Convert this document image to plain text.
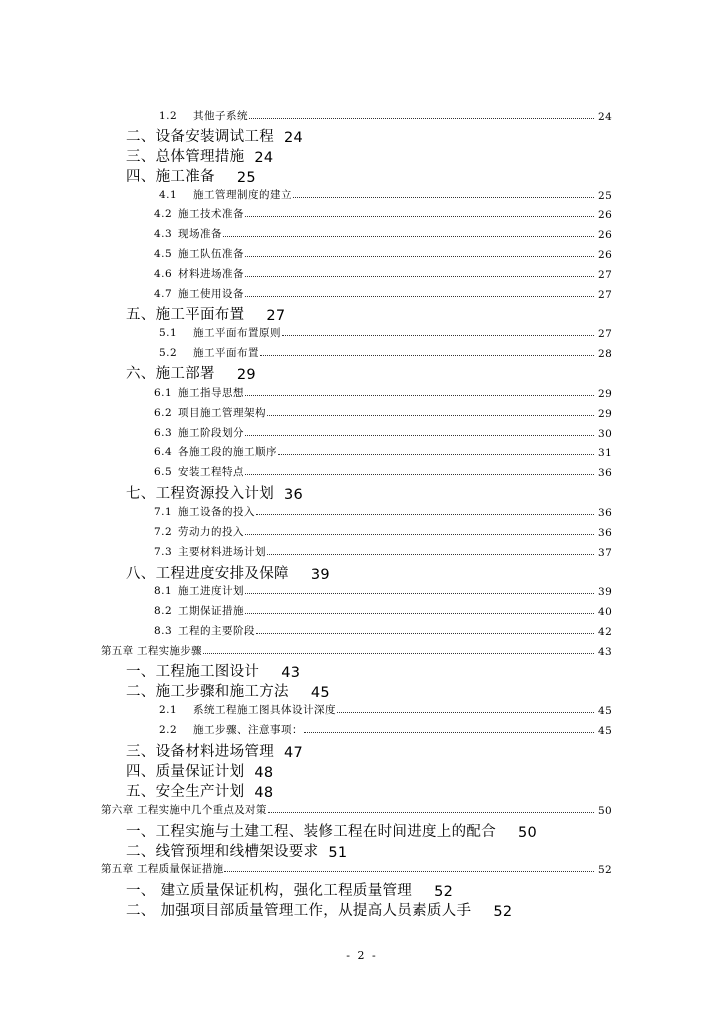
1.2 其他子系统	24
二、设备安装调试工程 24
三、总体管理措施 24
四、施工准备 25
4.1 施工管理制度的建立	25
4.2 施工技术准备	26
4.3 现场准备	26
4.5 施工队伍准备	26
4.6 材料进场准备	27
4.7 施工使用设备	27
五、施工平面布置 27
5.1 施工平面布置原则	27
5.2 施工平面布置	28
六、施工部署 29
6.1 施工指导思想	29
6.2 项目施工管理架构	29
6.3 施工阶段划分	30
6.4 各施工段的施工顺序	31
6.5 安装工程特点	36
七、工程资源投入计划 36
7.1 施工设备的投入	36
7.2 劳动力的投入	36
7.3 主要材料进场计划	37
八、工程进度安排及保障 39
8.1 施工进度计划	39
8.2 工期保证措施	40
8.3 工程的主要阶段	42
第五章 工程实施步骤	43
一、工程施工图设计 43
二、施工步骤和施工方法 45
2.1 系统工程施工图具体设计深度	45
2.2 施工步骤、注意事项：	45
三、设备材料进场管理 47
四、质量保证计划 48
五、安全生产计划 48
第六章 工程实施中几个重点及对策	50
一、工程实施与土建工程、装修工程在时间进度上的配合 50
二、线管预埋和线槽架设要求 51
第五章 工程质量保证措施	52
一、 建立质量保证机构，强化工程质量管理 52
二、 加强项目部质量管理工作，从提高人员素质人手 52
- 2 -
